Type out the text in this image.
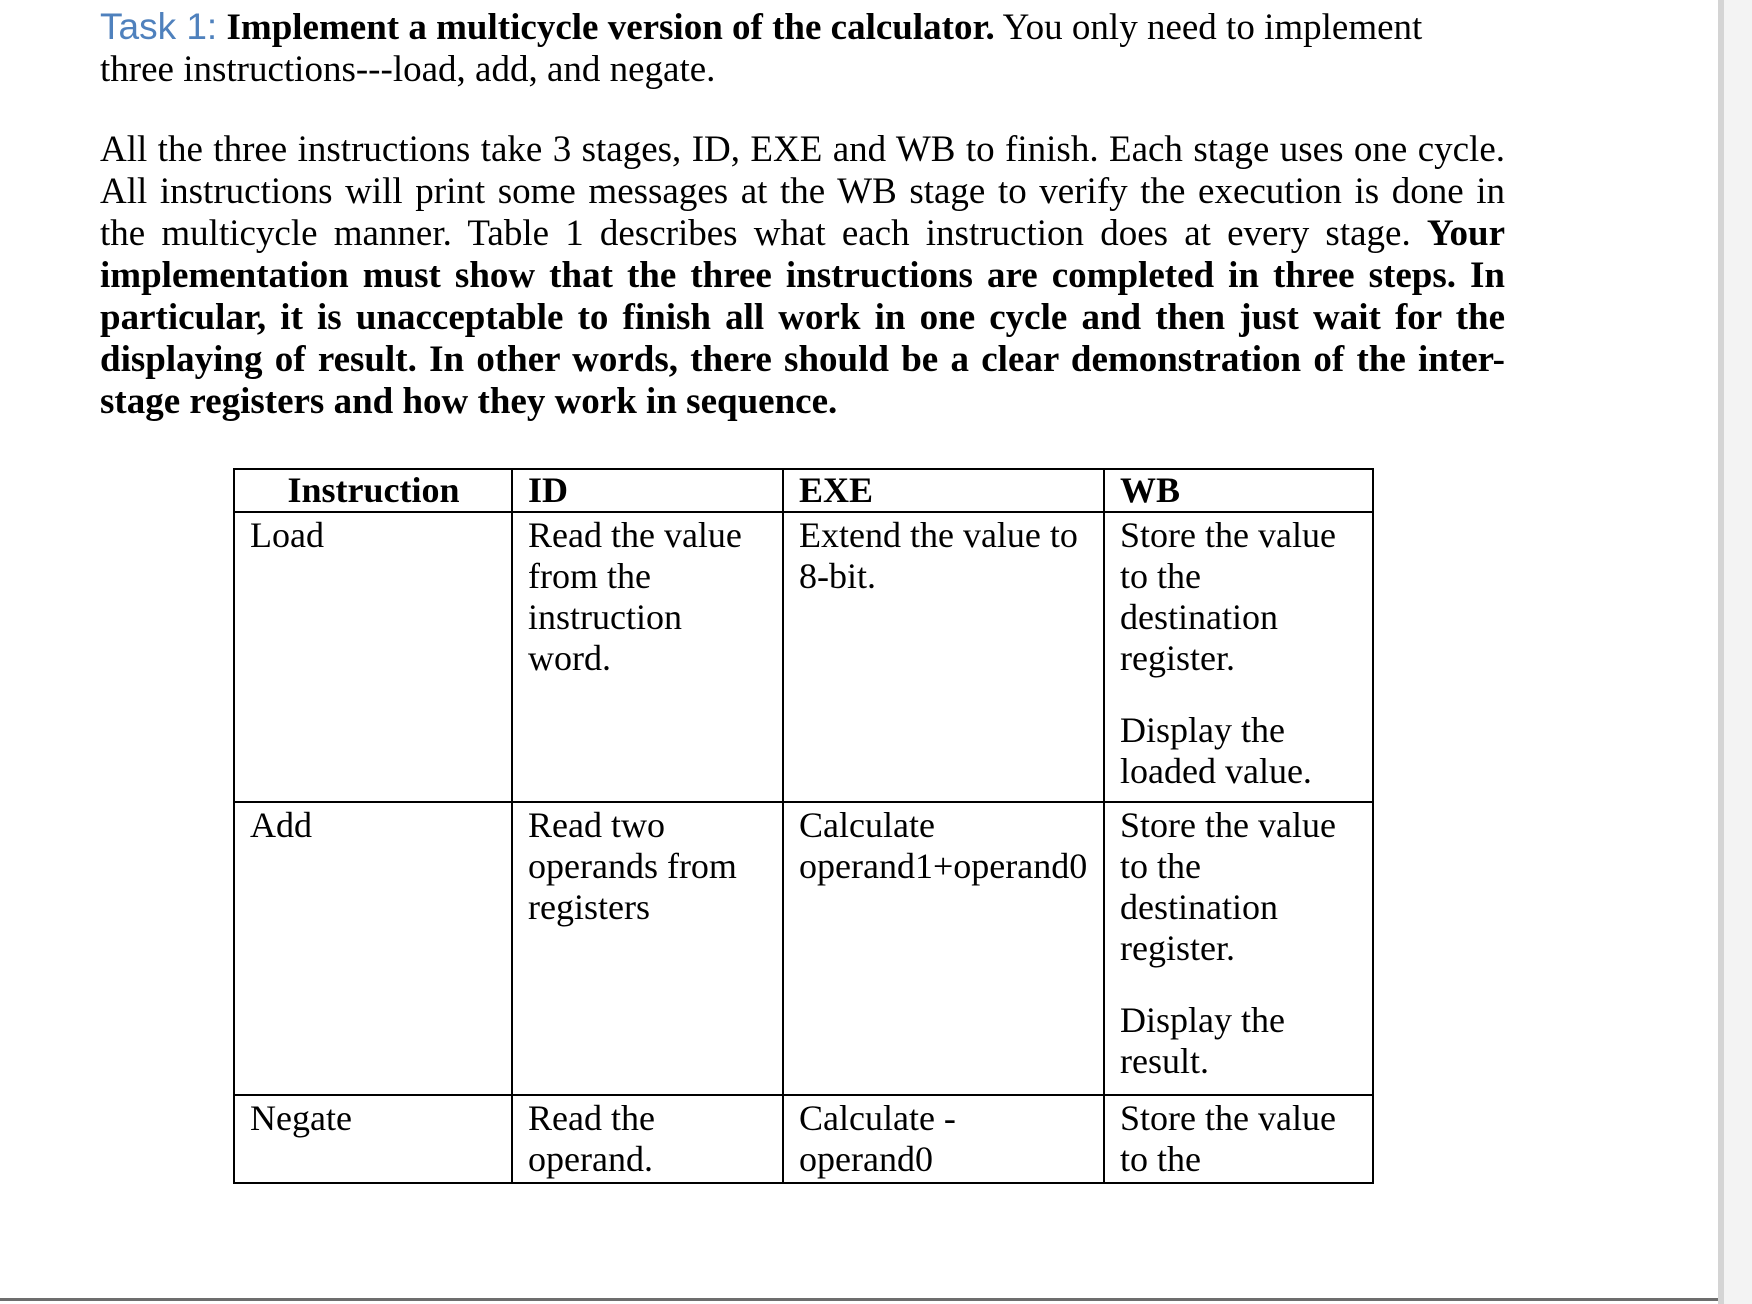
Task 1: Implement a multicycle version of the calculator. You only need to implement three instructions---load, add, and negate.

All the three instructions take 3 stages, ID, EXE and WB to finish. Each stage uses one cycle. All instructions will print some messages at the WB stage to verify the execution is done in the multicycle manner. Table 1 describes what each instruction does at every stage. Your implementation must show that the three instructions are completed in three steps. In particular, it is unacceptable to finish all work in one cycle and then just wait for the displaying of result. In other words, there should be a clear demonstration of the inter-stage registers and how they work in sequence.

Instruction	ID	EXE	WB
Load	Read the value from the instruction word.	Extend the value to 8-bit.	Store the value to the destination register.
Display the loaded value.

Add	Read two operands from registers	Calculate operand1+operand0	Store the value to the destination register.
Display the result.

Negate	Read the operand.	Calculate - operand0	Store the value to the
